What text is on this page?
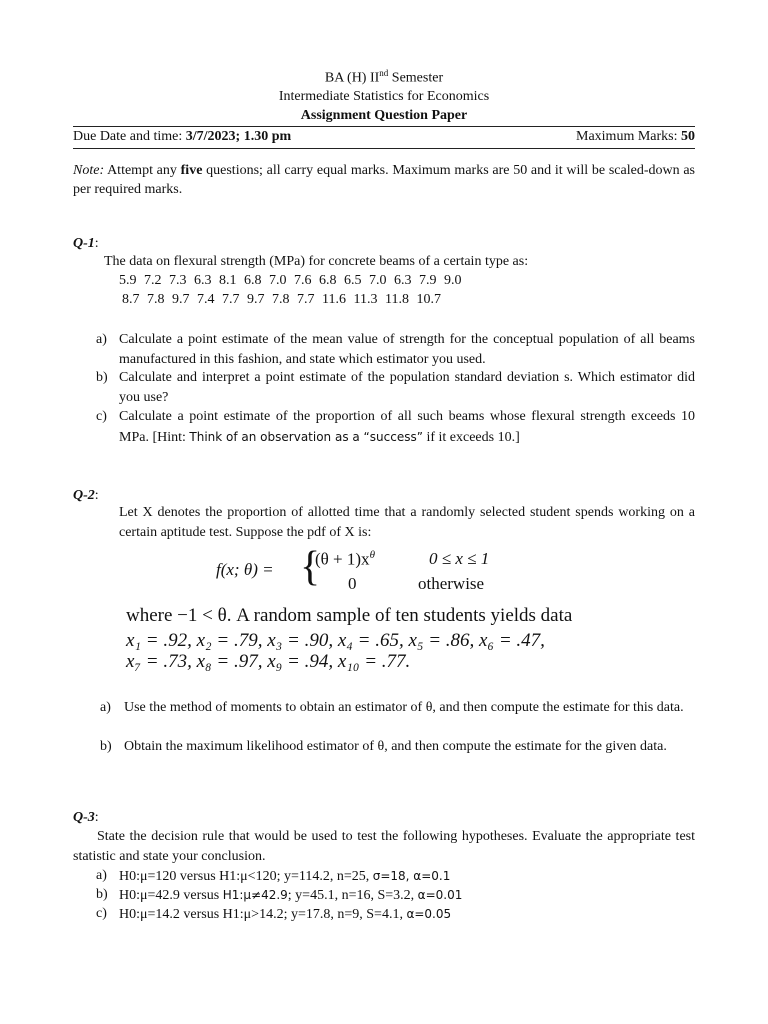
BA (H) IInd Semester
Intermediate Statistics for Economics
Assignment Question Paper
Due Date and time: 3/7/2023; 1.30 pm	Maximum Marks: 50
Note: Attempt any five questions; all carry equal marks. Maximum marks are 50 and it will be scaled-down as per required marks.
Q-1:
The data on flexural strength (MPa) for concrete beams of a certain type as:
5.9 7.2 7.3 6.3 8.1 6.8 7.0 7.6 6.8 6.5 7.0 6.3 7.9 9.0
8.7 7.8 9.7 7.4 7.7 9.7 7.8 7.7 11.6 11.3 11.8 10.7
a) Calculate a point estimate of the mean value of strength for the conceptual population of all beams manufactured in this fashion, and state which estimator you used.
b) Calculate and interpret a point estimate of the population standard deviation s. Which estimator did you use?
c) Calculate a point estimate of the proportion of all such beams whose flexural strength exceeds 10 MPa. [Hint: Think of an observation as a “success” if it exceeds 10.]
Q-2:
Let X denotes the proportion of allotted time that a randomly selected student spends working on a certain aptitude test. Suppose the pdf of X is:
f(x; θ) = {
$(\theta + 1)x^\theta$	0 ≤ x ≤ 1
0	otherwise
where −1 < θ. A random sample of ten students yields data
x₁ = .92, x₂ = .79, x₃ = .90, x₄ = .65, x₅ = .86, x₆ = .47,
x₇ = .73, x₈ = .97, x₉ = .94, x₁₀ = .77.
a) Use the method of moments to obtain an estimator of θ, and then compute the estimate for this data.
b) Obtain the maximum likelihood estimator of θ, and then compute the estimate for the given data.
Q-3:
State the decision rule that would be used to test the following hypotheses. Evaluate the appropriate test statistic and state your conclusion.
a) H0:μ=120 versus H1:μ<120; y=114.2, n=25, σ=18, α=0.1
b) H0:μ=42.9 versus H1:μ≠42.9; y=45.1, n=16, S=3.2, α=0.01
c) H0:μ=14.2 versus H1:μ>14.2; y=17.8, n=9, S=4.1, α=0.05
